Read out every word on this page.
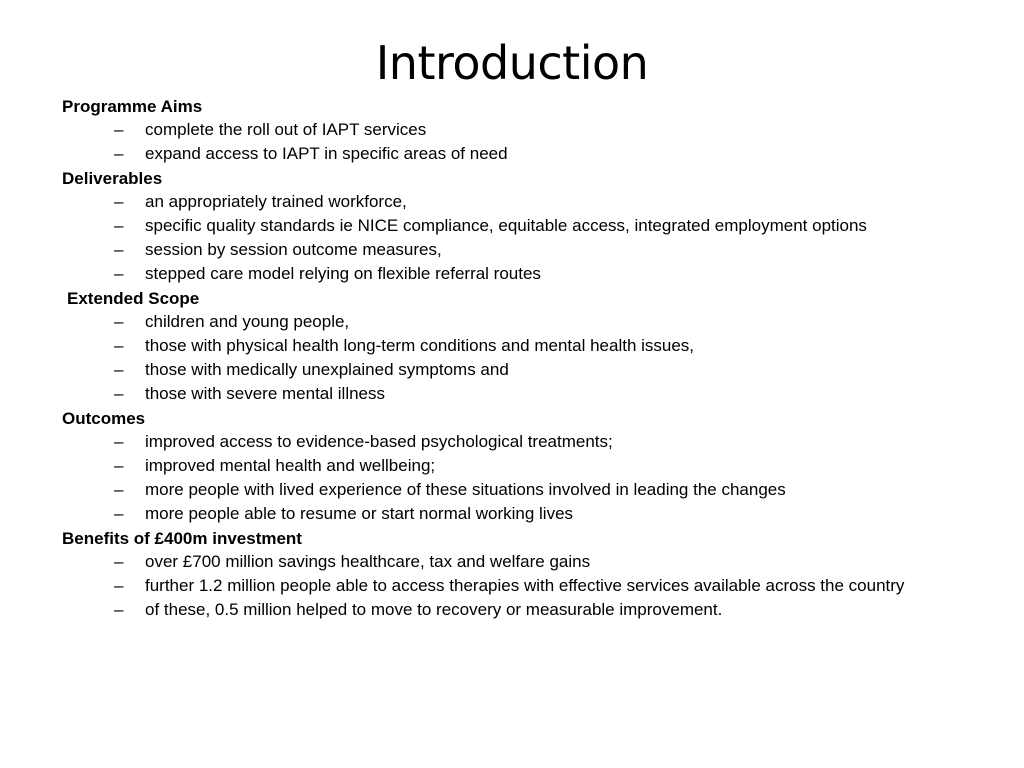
Introduction
Programme Aims
– complete the roll out of IAPT services
– expand access to IAPT in specific areas of need
Deliverables
– an appropriately trained workforce,
– specific quality standards ie NICE compliance, equitable access, integrated employment options
– session by session outcome measures,
– stepped care model relying on flexible referral routes
Extended Scope
– children and young people,
– those with physical health long-term conditions and mental health issues,
– those with medically unexplained symptoms and
– those with severe mental illness
Outcomes
– improved access to evidence-based psychological treatments;
– improved mental health and wellbeing;
– more people with lived experience of these situations involved in leading the changes
– more people able to resume or start normal working lives
Benefits of £400m investment
– over £700 million savings healthcare, tax and welfare gains
– further 1.2 million people able to access therapies with effective services available across the country
– of these, 0.5 million helped to move to recovery or measurable improvement.
